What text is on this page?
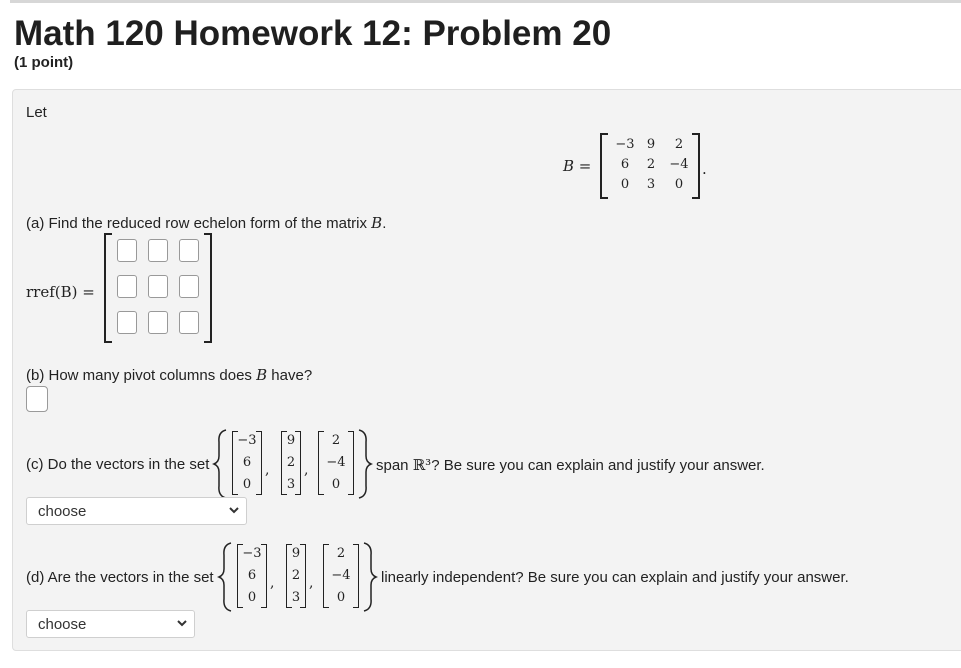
Math 120 Homework 12: Problem 20
(1 point)
Let
B =
−3 9	2
6	2	−4
0	3	0
.
(a) Find the reduced row echelon form of the matrix B.
rref(B) =
(b) How many pivot columns does B have?
(c) Do the vectors in the set
−3
6
0
,
9
2
3
,
2
−4
0
span ℝ³? Be sure you can explain and justify your answer.
choose
(d) Are the vectors in the set
−3
6
0
,
9
2
3
,
2
−4
0
linearly independent? Be sure you can explain and justify your answer.
choose
